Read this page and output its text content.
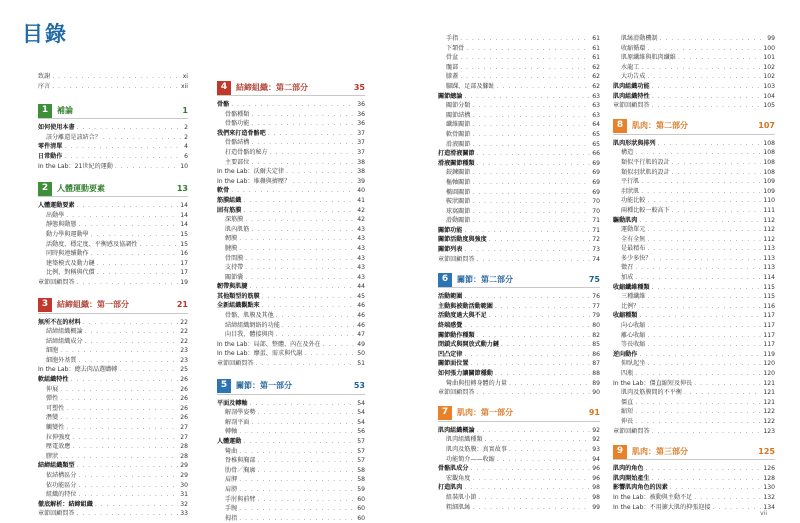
目錄
致謝 . . .	xi
序言 . . .	xii
1	補論	1
如何使用本書 . . .	2
該分離還是該結合？ . . .	2
零件清單 . . .	4
日常動作 . . .	6
In the Lab：21世紀的運動 . . .	10
2	人體運動要素	13
人體運動要素 . . .	14
出動學 . . .	14
靜態與動態 . . .	14
動力學與運動學 . . .	15
活動度、穩定度、平衡感及協調性 . . .	15
同時與連續動作 . . .	16
建築模式及動力鏈 . . .	17
比例、對稱與代償 . . .	17
章節回顧問答 . . .	19
3	結締組織：第一部分	21
無所不在的材料 . . .	22
結締組織概論 . . .	22
結締組織成分 . . .	22
細胞 . . .	23
細胞外基質 . . .	23
In the Lab：總去肉品選購轉 . . .	25
軟組織特性 . . .	26
伸展 . . .	26
彈性 . . .	26
可塑性 . . .	26
潛變 . . .	26
觸變性 . . .	27
拉伸強度 . . .	27
壓電效應 . . .	28
膠狀 . . .	28
結締組織類型 . . .	29
依結構區分 . . .	29
依功能區分 . . .	30
組織的特位 . . .	31
徹底解析：結締組織 . . .	32
章節回顧問答 . . .	33
4	結締組織：第二部分	35
骨骼 . . .	36
骨骼種類 . . .	36
骨骼功能 . . .	36
我們來打造骨骼吧 . . .	37
骨骼結構 . . .	37
打造骨骼的秘方 . . .	37
主要部位 . . .	38
In the Lab：沃爾夫定律 . . .	38
In the Lab：堆疊與擠壓？ . . .	39
軟骨 . . .	40
筋膜組織 . . .	41
固有筋膜 . . .	42
深筋膜 . . .	42
肌內肌筋 . . .	43
韌膜 . . .	43
腱膜 . . .	43
骨間膜 . . .	43
支持帶 . . .	43
關節囊 . . .	43
韌帶與肌腱 . . .	44
其他類型的筋膜 . . .	45
全新組織觀點來 . . .	46
骨骼、肌膜及其他 . . .	46
結締組織網絡的功能 . . .	46
向目我，體接與肉 . . .	47
In the Lab：局部、整體、內在及外在 . . .	49
In the Lab：靡蛋、需求與代謝 . . .	50
章節回顧問答 . . .	51
5	關節：第一部分	53
平面及轉軸 . . .	54
解剖學姿勢 . . .	54
解剖平面 . . .	54
轉軸 . . .	56
人體運動 . . .	57
彎曲 . . .	57
脊椎與胸部 . . .	57
肋骨／胸廓 . . .	58
肩胛 . . .	58
肩膀 . . .	59
手肘與前臂 . . .	60
手腕 . . .	60
拇指 . . .	60
手指 . . .	61
下頷骨 . . .	61
骨盆 . . .	61
髖部 . . .	62
膝蓋 . . .	62
腳踝、足部及腳趾 . . .	62
關節總論 . . .	63
關節分類 . . .	63
關節結構 . . .	63
纖維關節 . . .	64
軟骨關節 . . .	65
滑液關節 . . .	65
打造滑液關節 . . .	66
滑液關節種類 . . .	69
鉸鍊關節 . . .	69
樞軸關節 . . .	69
橢圓關節 . . .	69
鞍狀關節 . . .	70
球窩關節 . . .	70
滑動關節 . . .	71
關節功能 . . .	71
關節活動度與強度 . . .	72
關節列表 . . .	73
章節回顧問答 . . .	74
6	關節：第二部分	75
活動範圍 . . .	76
主動與被動活動範圍 . . .	77
活動度過大與不足 . . .	79
終端感覺 . . .	80
關節動作種類 . . .	82
閉鎖式與開放式動力鏈 . . .	85
凹凸定律 . . .	86
關節面位置 . . .	87
如何張力讓關節穩動 . . .	88
彎曲與扭轉身體的力量 . . .	89
章節回顧問答 . . .	90
7	肌肉：第一部分	91
肌肉組織概論 . . .	92
肌肉組織種類 . . .	92
肌肉及筋膜：真實故事 . . .	93
功能簡介——收縮 . . .	94
骨骼肌成分 . . .	96
宏觀角度 . . .	96
打造肌肉 . . .	98
組裝肌小節 . . .	98
粗細肌絲 . . .	99
肌絲滑動機制 . . .	99
收縮循環 . . .	100
肌原纖維與肌肉纖維 . . .	101
水龍工 . . .	102
大功告成 . . .	102
肌肉組織功能 . . .	103
肌肉組織特性 . . .	104
章節回顧問答 . . .	105
8	肌肉：第二部分	107
肌肉形狀與排列 . . .	108
構造 . . .	108
類似平行肌的設計 . . .	108
類似羽狀肌的設計 . . .	108
平行肌 . . .	109
羽狀肌 . . .	109
功能比較 . . .	110
兩種比較一較高下 . . .	111
驅動肌肉 . . .	112
運動單元 . . .	112
全有全無 . . .	112
是最精布 . . .	113
多少多快？ . . .	113
徵召 . . .	113
加成 . . .	114
收縮纖維種類 . . .	115
三種纖維 . . .	115
比例？ . . .	116
收縮種類 . . .	117
向心收縮 . . .	117
離心收縮 . . .	117
等長收縮 . . .	117
逆向動作 . . .	119
仰臥起坐 . . .	120
四瓶 . . .	120
In the Lab：僵直縮短及伸長 . . .	121
肌肉及筋膜間的不平衡 . . .	121
僵直 . . .	121
縮短 . . .	122
伸長 . . .	122
章節回顧問答 . . .	123
9	肌肉：第三部分	125
肌肉的角色 . . .	126
肌肉開始產生 . . .	128
影響肌肉角色的因素 . . .	130
In the Lab：被動與主動不足 . . .	132
In the Lab：不用擴大肌的抑張迎接 . . .	134
vii
